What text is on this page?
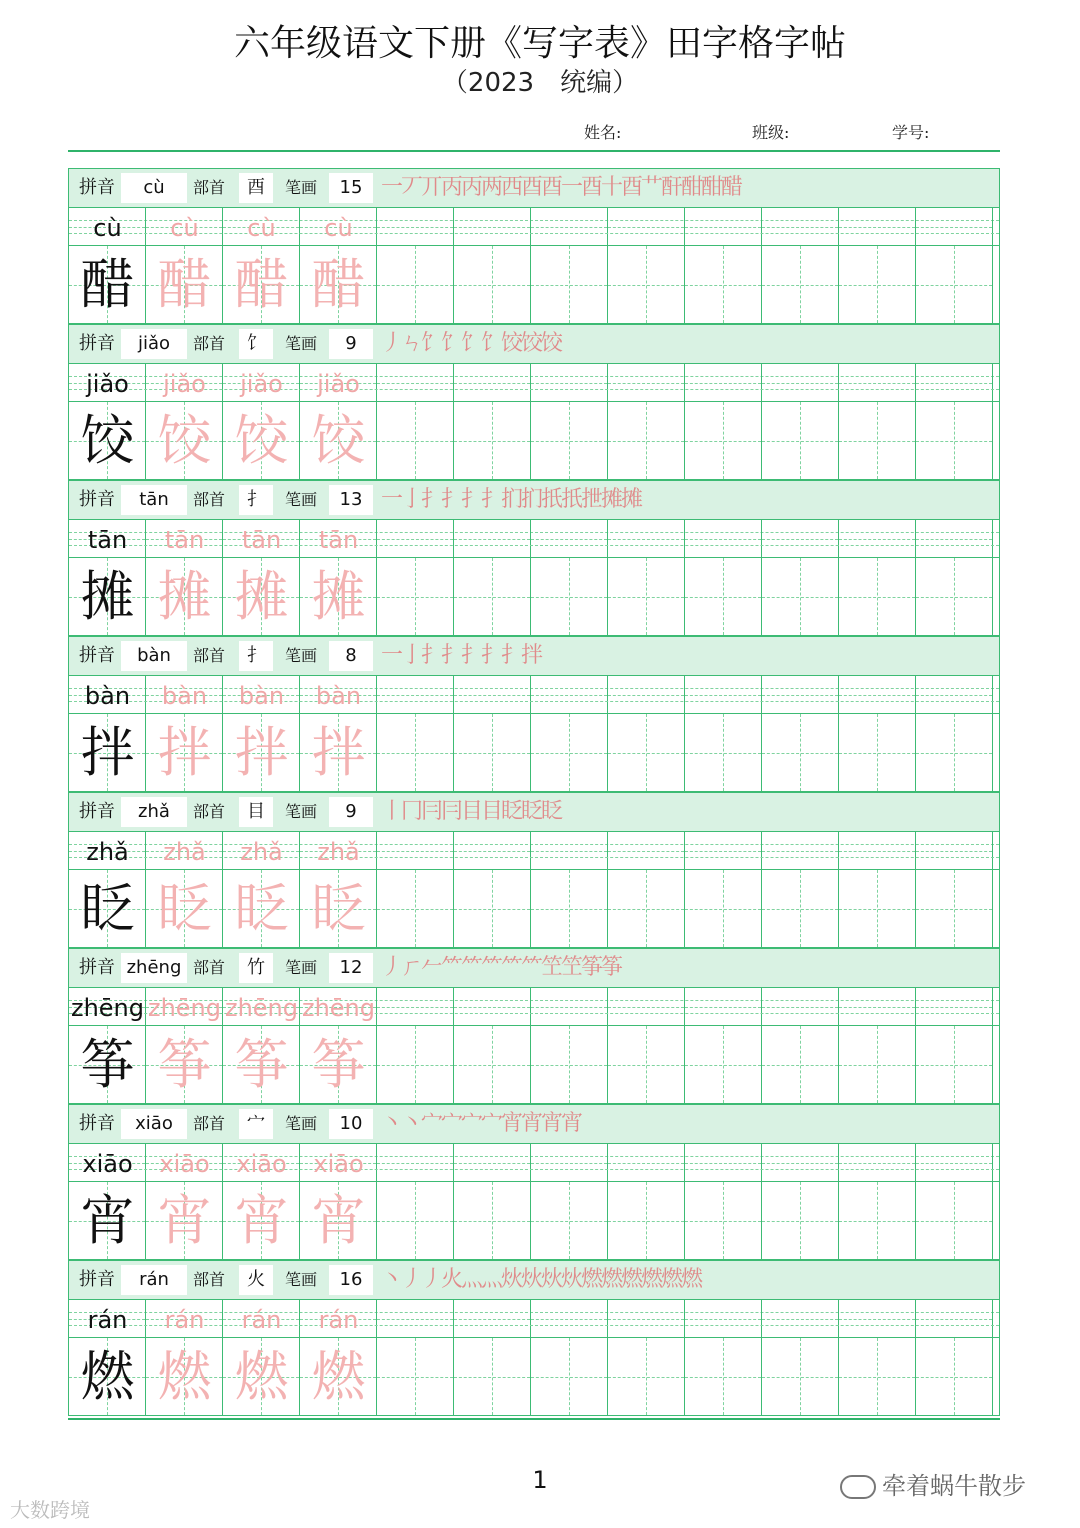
六年级语文下册《写字表》田字格字帖
（2023　统编）
姓名:	班级:	学号:
拼音	cù	部首	酉	笔画	15 一丆丌丙丙两西酉酉一酉十酉艹酐酣酣醋
cù	cù	cù	cù
醋 醋 醋 醋
拼音	jiǎo	部首	饣	笔画	9	丿ㄣ饣饣饣饣饺饺饺
jiǎo	jiǎo	jiǎo	jiǎo
饺 饺 饺 饺
拼音	tān	部首	扌	笔画	13 一亅扌扌扌扌扪扪扺扺抴摊摊
tān	tān	tān	tān
摊 摊 摊 摊
拼音	bàn	部首	扌	笔画	8	一亅扌扌扌扌扌拌
bàn	bàn	bàn	bàn
拌 拌 拌 拌
拼音	zhǎ	部首	目	笔画	9	丨冂冃冃目目眨眨眨
zhǎ	zhǎ	zhǎ	zhǎ
眨 眨 眨 眨
拼音 zhēng 部首	竹	笔画	12 丿ㄏ𠂉⺮⺮⺮⺮⺮笁笁筝筝
zhēng zhēng zhēng zhēng
筝 筝 筝 筝
拼音	xiāo	部首	宀	笔画	10 丶丶宀宀宀宀宵宵宵宵
xiāo	xiāo	xiāo	xiāo
宵 宵 宵 宵
拼音	rán	部首	火	笔画	16 丶丿丿火灬灬炏炏炏炏燃燃燃燃燃燃
rán	rán	rán	rán
燃 燃 燃 燃
1	牵着蜗牛散步
大数跨境
